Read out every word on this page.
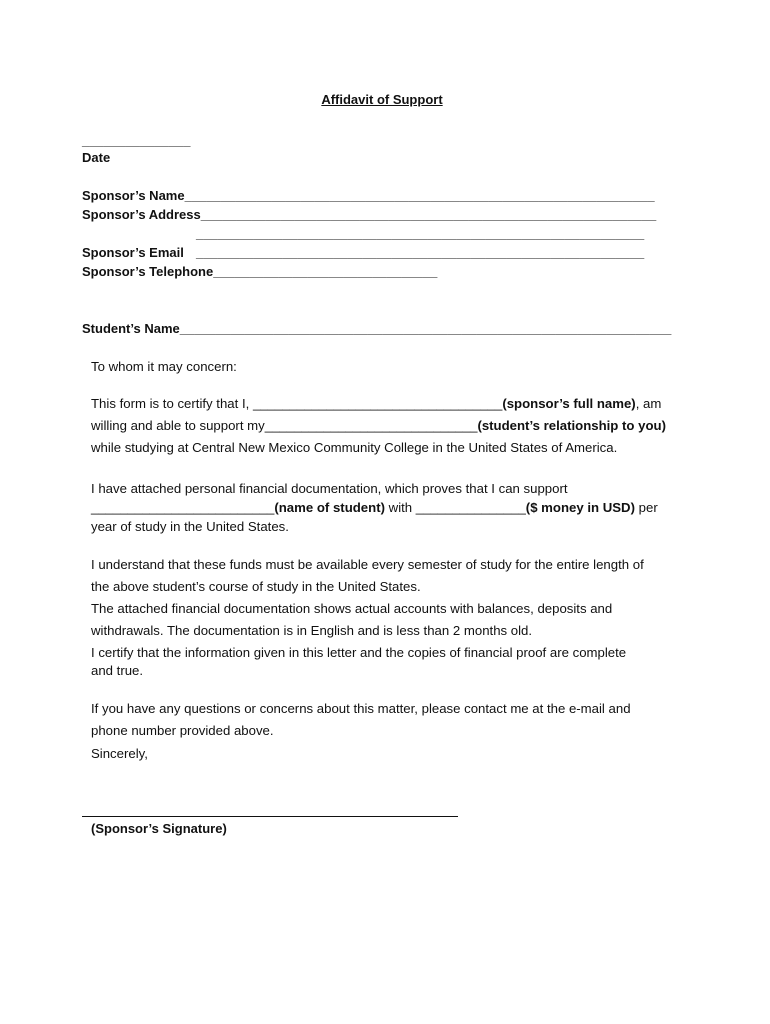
Affidavit of Support
_______________
Date
Sponsor’s Name_________________________________________________________________
Sponsor’s Address_______________________________________________________________
______________________________________________________________
Sponsor’s Email ______________________________________________________________
Sponsor’s Telephone_______________________________
Student’s Name____________________________________________________________________
To whom it may concern:
This form is to certify that I, __________________________________(sponsor’s full name), am
willing and able to support my_____________________________(student’s relationship to you)
while studying at Central New Mexico Community College in the United States of America.
I have attached personal financial documentation, which proves that I can support
_________________________(name of student) with _______________($ money in USD) per
year of study in the United States.
I understand that these funds must be available every semester of study for the entire length of
the above student’s course of study in the United States.
The attached financial documentation shows actual accounts with balances, deposits and
withdrawals. The documentation is in English and is less than 2 months old.
I certify that the information given in this letter and the copies of financial proof are complete
and true.
If you have any questions or concerns about this matter, please contact me at the e-mail and
phone number provided above.
Sincerely,
(Sponsor’s Signature)
